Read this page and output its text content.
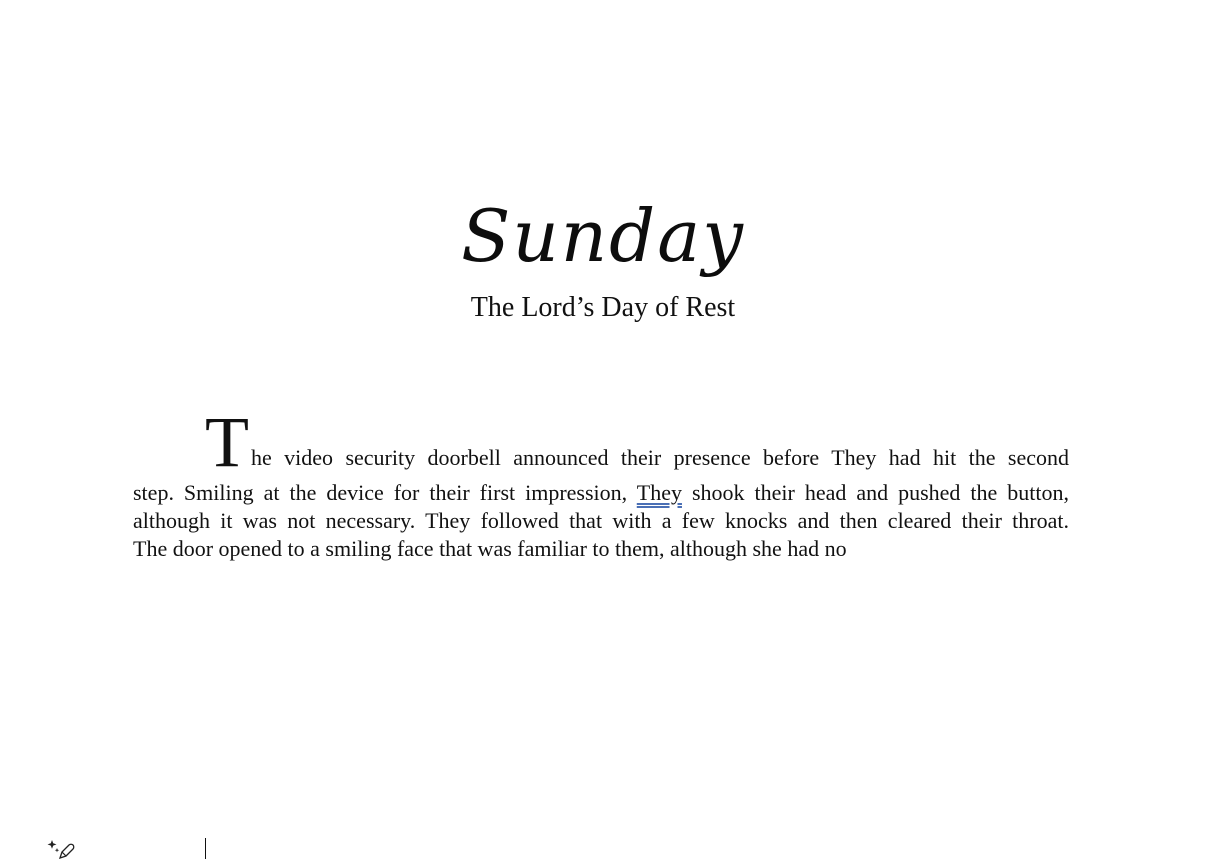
Sunday
The Lord’s Day of Rest
T he video security doorbell announced their presence before They had hit the second
step. Smiling at the device for their first impression, They shook their head and pushed the button,
although it was not necessary. They followed that with a few knocks and then cleared their throat.
The door opened to a smiling face that was familiar to them, although she had no
